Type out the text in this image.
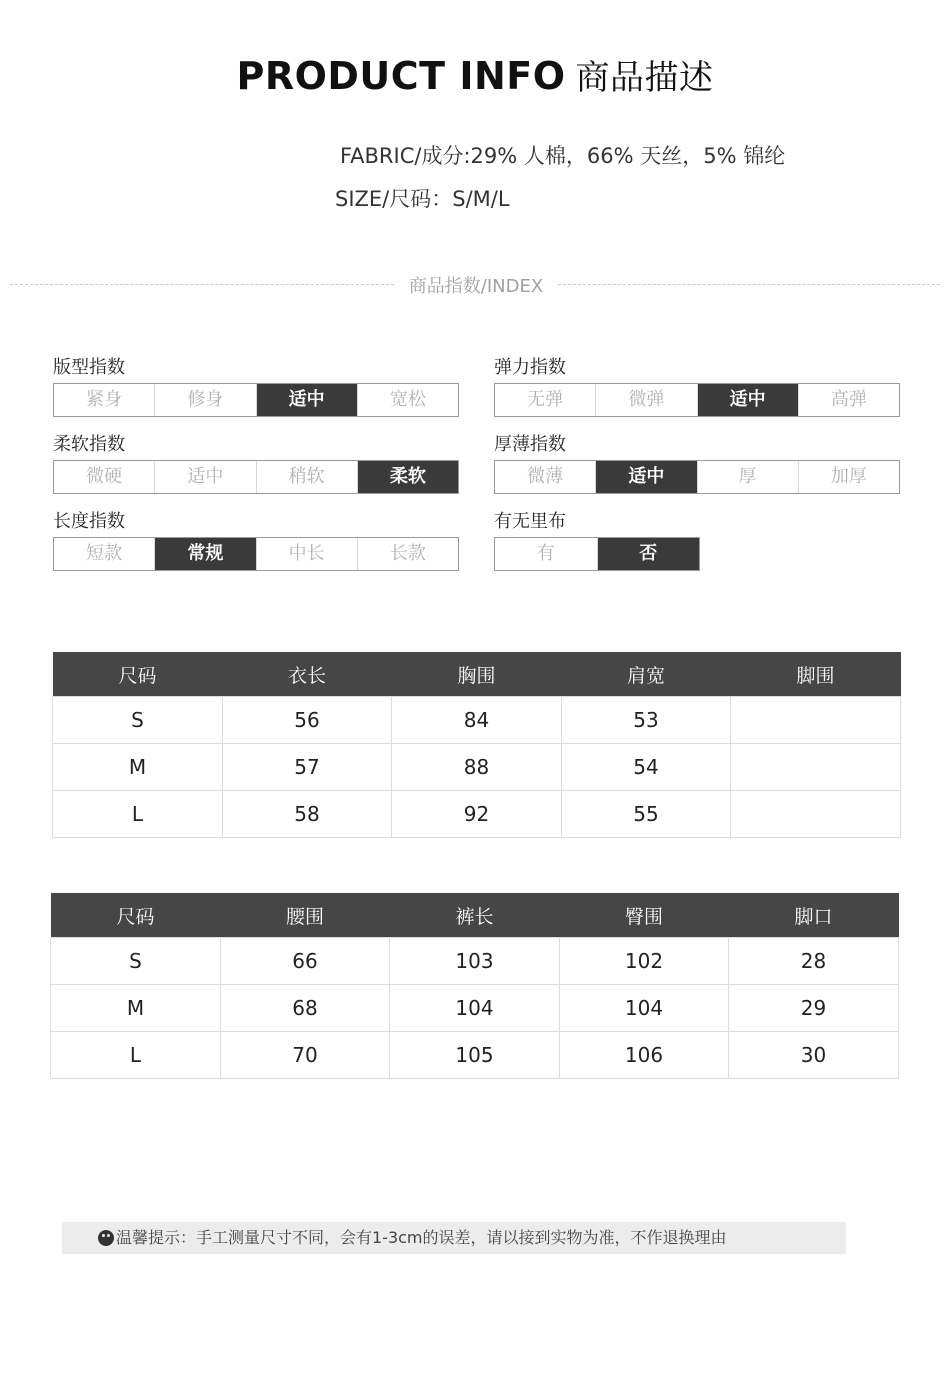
PRODUCT INFO 商品描述
FABRIC/成分:29% 人棉，66% 天丝，5% 锦纶
SIZE/尺码：S/M/L
商品指数/INDEX
版型指数
紧身	修身	适中	宽松
弹力指数
无弹	微弹	适中	高弹
柔软指数
微硬	适中	稍软	柔软
厚薄指数
微薄	适中	厚	加厚
长度指数
短款	常规	中长	长款
有无里布
有	否
尺码	衣长	胸围	肩宽	脚围
S	56	84	53	
M	57	88	54	
L	58	92	55	
尺码	腰围	裤长	臀围	脚口
S	66	103	102	28
M	68	104	104	29
L	70	105	106	30
温馨提示：手工测量尺寸不同，会有1-3cm的误差，请以接到实物为准，不作退换理由
